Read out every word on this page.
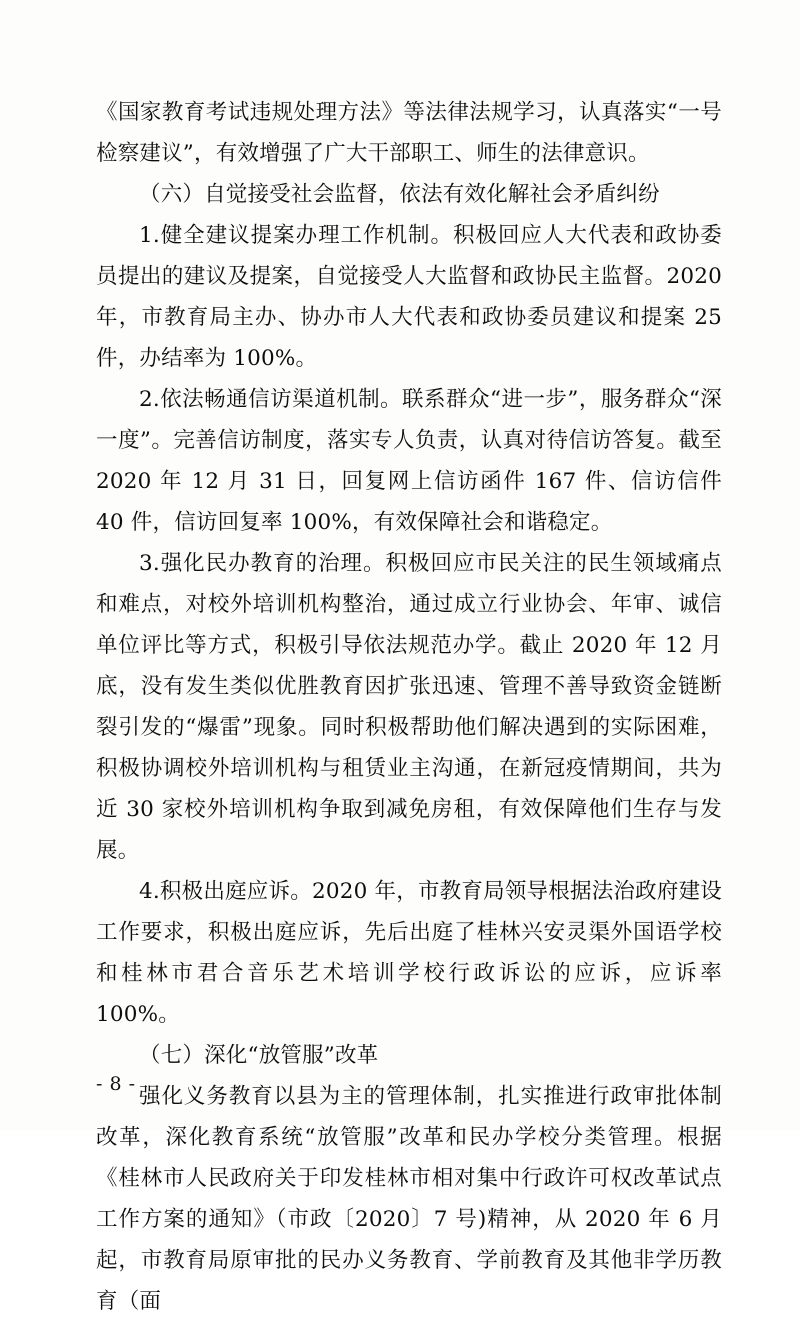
《国家教育考试违规处理方法》等法律法规学习，认真落实“一号检察建议”，有效增强了广大干部职工、师生的法律意识。

（六）自觉接受社会监督，依法有效化解社会矛盾纠纷

1.健全建议提案办理工作机制。积极回应人大代表和政协委员提出的建议及提案，自觉接受人大监督和政协民主监督。2020 年，市教育局主办、协办市人大代表和政协委员建议和提案 25 件，办结率为 100%。

2.依法畅通信访渠道机制。联系群众“进一步”，服务群众“深一度”。完善信访制度，落实专人负责，认真对待信访答复。截至 2020 年 12 月 31 日，回复网上信访函件 167 件、信访信件 40 件，信访回复率 100%，有效保障社会和谐稳定。

3.强化民办教育的治理。积极回应市民关注的民生领域痛点和难点，对校外培训机构整治，通过成立行业协会、年审、诚信单位评比等方式，积极引导依法规范办学。截止 2020 年 12 月底，没有发生类似优胜教育因扩张迅速、管理不善导致资金链断裂引发的“爆雷”现象。同时积极帮助他们解决遇到的实际困难，积极协调校外培训机构与租赁业主沟通，在新冠疫情期间，共为近 30 家校外培训机构争取到减免房租，有效保障他们生存与发展。

4.积极出庭应诉。2020 年，市教育局领导根据法治政府建设工作要求，积极出庭应诉，先后出庭了桂林兴安灵渠外国语学校和桂林市君合音乐艺术培训学校行政诉讼的应诉，应诉率 100%。

（七）深化“放管服”改革

强化义务教育以县为主的管理体制，扎实推进行政审批体制改革，深化教育系统“放管服”改革和民办学校分类管理。根据《桂林市人民政府关于印发桂林市相对集中行政许可权改革试点工作方案的通知》（市政〔2020〕7 号)精神，从 2020 年 6 月起，市教育局原审批的民办义务教育、学前教育及其他非学历教育（面

- 8 -
